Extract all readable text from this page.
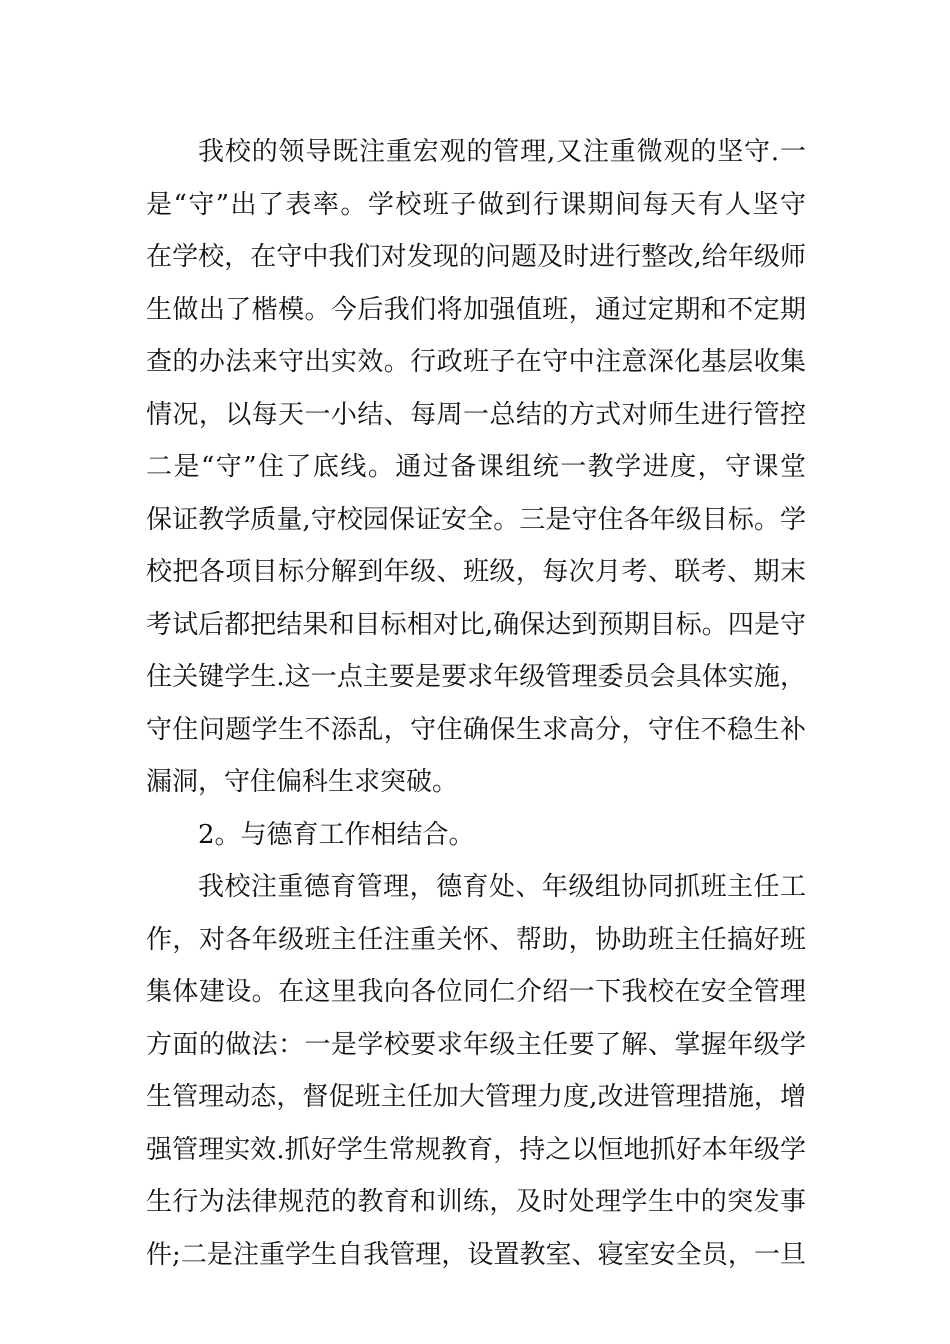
我校的领导既注重宏观的管理,又注重微观的坚守.一
是“守”出了表率。学校班子做到行课期间每天有人坚守
在学校，在守中我们对发现的问题及时进行整改,给年级师
生做出了楷模。今后我们将加强值班，通过定期和不定期
查的办法来守出实效。行政班子在守中注意深化基层收集
情况，以每天一小结、每周一总结的方式对师生进行管控
二是“守”住了底线。通过备课组统一教学进度，守课堂
保证教学质量,守校园保证安全。三是守住各年级目标。学
校把各项目标分解到年级、班级，每次月考、联考、期末
考试后都把结果和目标相对比,确保达到预期目标。四是守
住关键学生.这一点主要是要求年级管理委员会具体实施，
守住问题学生不添乱，守住确保生求高分，守住不稳生补
漏洞，守住偏科生求突破。
2。与德育工作相结合。
我校注重德育管理，德育处、年级组协同抓班主任工
作，对各年级班主任注重关怀、帮助，协助班主任搞好班
集体建设。在这里我向各位同仁介绍一下我校在安全管理
方面的做法：一是学校要求年级主任要了解、掌握年级学
生管理动态，督促班主任加大管理力度,改进管理措施，增
强管理实效.抓好学生常规教育，持之以恒地抓好本年级学
生行为法律规范的教育和训练，及时处理学生中的突发事
件;二是注重学生自我管理，设置教室、寝室安全员，一旦
